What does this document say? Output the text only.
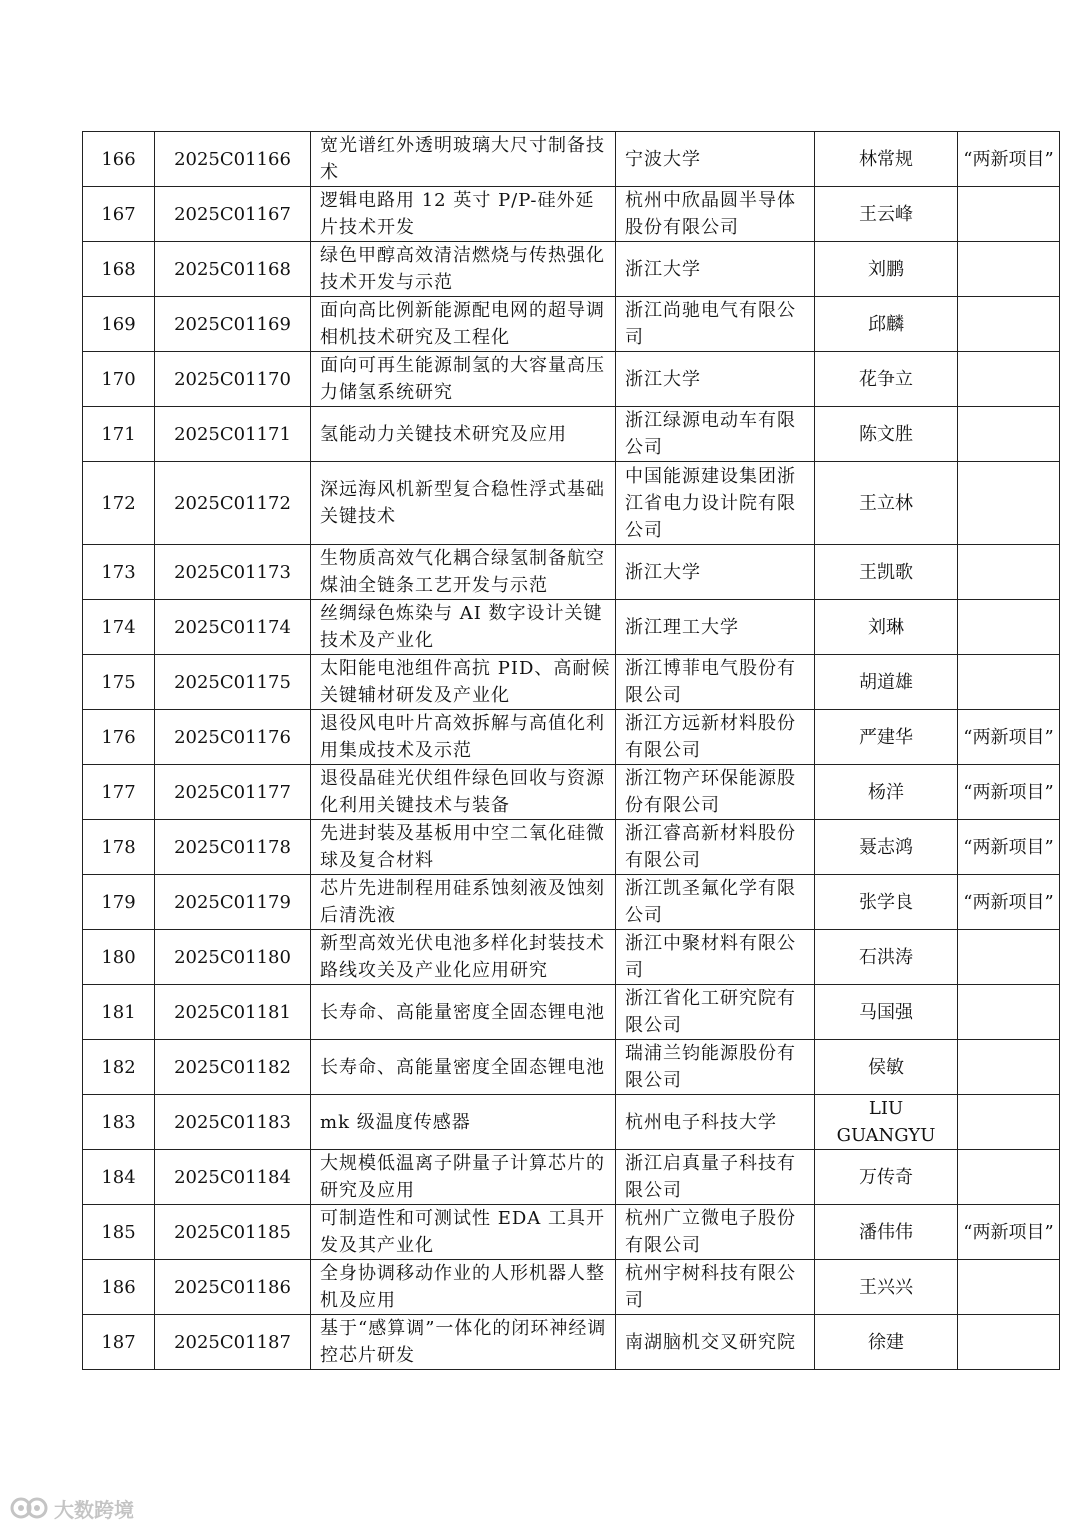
166	2025C01166	宽光谱红外透明玻璃大尺寸制备技术	宁波大学	林常规	“两新项目”
167	2025C01167	逻辑电路用 12 英寸 P/P-硅外延片技术开发	杭州中欣晶圆半导体股份有限公司	王云峰	
168	2025C01168	绿色甲醇高效清洁燃烧与传热强化技术开发与示范	浙江大学	刘鹏	
169	2025C01169	面向高比例新能源配电网的超导调相机技术研究及工程化	浙江尚驰电气有限公司	邱麟	
170	2025C01170	面向可再生能源制氢的大容量高压力储氢系统研究	浙江大学	花争立	
171	2025C01171	氢能动力关键技术研究及应用	浙江绿源电动车有限公司	陈文胜	
172	2025C01172	深远海风机新型复合稳性浮式基础关键技术	中国能源建设集团浙江省电力设计院有限公司	王立林	
173	2025C01173	生物质高效气化耦合绿氢制备航空煤油全链条工艺开发与示范	浙江大学	王凯歌	
174	2025C01174	丝绸绿色炼染与 AI 数字设计关键技术及产业化	浙江理工大学	刘琳	
175	2025C01175	太阳能电池组件高抗 PID、高耐候关键辅材研发及产业化	浙江博菲电气股份有限公司	胡道雄	
176	2025C01176	退役风电叶片高效拆解与高值化利用集成技术及示范	浙江方远新材料股份有限公司	严建华	“两新项目”
177	2025C01177	退役晶硅光伏组件绿色回收与资源化利用关键技术与装备	浙江物产环保能源股份有限公司	杨洋	“两新项目”
178	2025C01178	先进封装及基板用中空二氧化硅微球及复合材料	浙江睿高新材料股份有限公司	聂志鸿	“两新项目”
179	2025C01179	芯片先进制程用硅系蚀刻液及蚀刻后清洗液	浙江凯圣氟化学有限公司	张学良	“两新项目”
180	2025C01180	新型高效光伏电池多样化封装技术路线攻关及产业化应用研究	浙江中聚材料有限公司	石洪涛	
181	2025C01181	长寿命、高能量密度全固态锂电池	浙江省化工研究院有限公司	马国强	
182	2025C01182	长寿命、高能量密度全固态锂电池	瑞浦兰钧能源股份有限公司	侯敏	
183	2025C01183	mk 级温度传感器	杭州电子科技大学	LIU GUANGYU	
184	2025C01184	大规模低温离子阱量子计算芯片的研究及应用	浙江启真量子科技有限公司	万传奇	
185	2025C01185	可制造性和可测试性 EDA 工具开发及其产业化	杭州广立微电子股份有限公司	潘伟伟	“两新项目”
186	2025C01186	全身协调移动作业的人形机器人整机及应用	杭州宇树科技有限公司	王兴兴	
187	2025C01187	基于“感算调”一体化的闭环神经调控芯片研发	南湖脑机交叉研究院	徐建	
大数跨境
